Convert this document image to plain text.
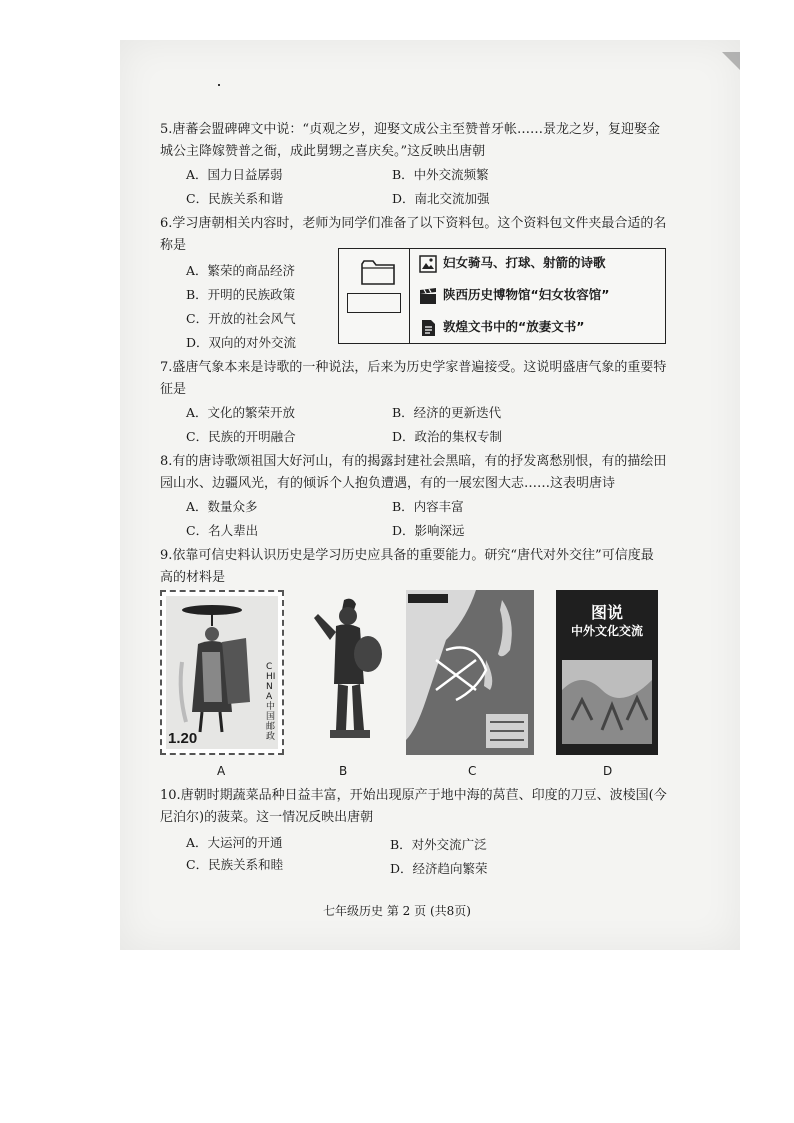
5.唐蕃会盟碑碑文中说：“贞观之岁，迎娶文成公主至赞普牙帐……景龙之岁，复迎娶金
城公主降嫁赞普之衙，成此舅甥之喜庆矣。”这反映出唐朝
A．国力日益孱弱	B．中外交流频繁
C．民族关系和谐	D．南北交流加强
6.学习唐朝相关内容时，老师为同学们准备了以下资料包。这个资料包文件夹最合适的名
称是
A．繁荣的商品经济
B．开明的民族政策
C．开放的社会风气
D．双向的对外交流
妇女骑马、打球、射箭的诗歌
陕西历史博物馆“妇女妆容馆”
敦煌文书中的“放妻文书”
7.盛唐气象本来是诗歌的一种说法，后来为历史学家普遍接受。这说明盛唐气象的重要特
征是
A．文化的繁荣开放	B．经济的更新迭代
C．民族的开明融合	D．政治的集权专制
8.有的唐诗歌颂祖国大好河山，有的揭露封建社会黑暗，有的抒发离愁别恨，有的描绘田
园山水、边疆风光，有的倾诉个人抱负遭遇，有的一展宏图大志……这表明唐诗
A．数量众多	B．内容丰富
C．名人辈出	D．影响深远
9.依靠可信史料认识历史是学习历史应具备的重要能力。研究“唐代对外交往”可信度最
高的材料是
1.20
CHINA 中国邮政
图说
中外文化交流
A	B	C	D
10.唐朝时期蔬菜品种日益丰富，开始出现原产于地中海的莴苣、印度的刀豆、波棱国(今
尼泊尔)的菠菜。这一情况反映出唐朝
A．大运河的开通	B．对外交流广泛
C．民族关系和睦	D．经济趋向繁荣
七年级历史 第 2 页 (共8页)
